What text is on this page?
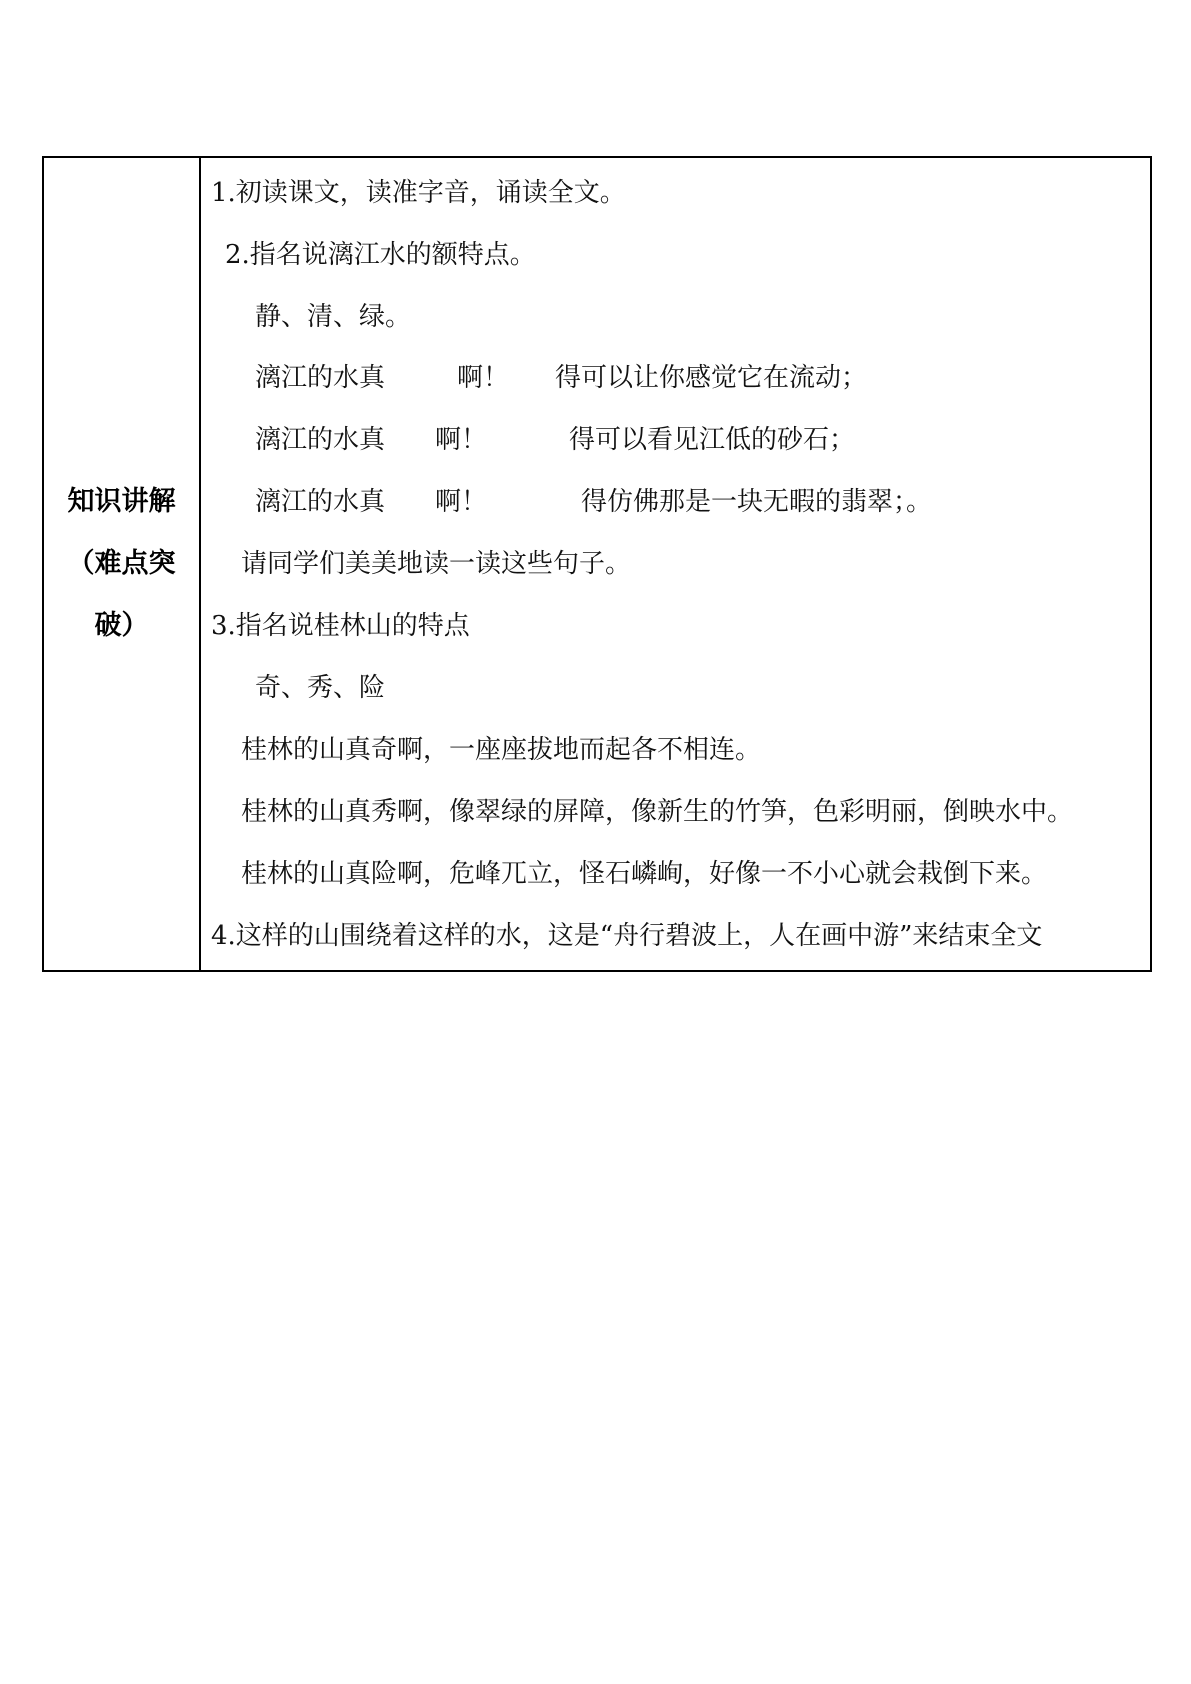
知识讲解
（难点突
破）

1.初读课文，读准字音，诵读全文。
2.指名说漓江水的额特点。
静、清、绿。
漓江的水真	啊！ 得可以让你感觉它在流动；
漓江的水真 啊！	得可以看见江低的砂石；
漓江的水真 啊！	得仿佛那是一块无暇的翡翠；。
请同学们美美地读一读这些句子。
3.指名说桂林山的特点
奇、秀、险
桂林的山真奇啊，一座座拔地而起各不相连。
桂林的山真秀啊，像翠绿的屏障，像新生的竹笋，色彩明丽，倒映水中。
桂林的山真险啊，危峰兀立，怪石嶙峋，好像一不小心就会栽倒下来。
4.这样的山围绕着这样的水，这是“舟行碧波上，人在画中游”来结束全文
